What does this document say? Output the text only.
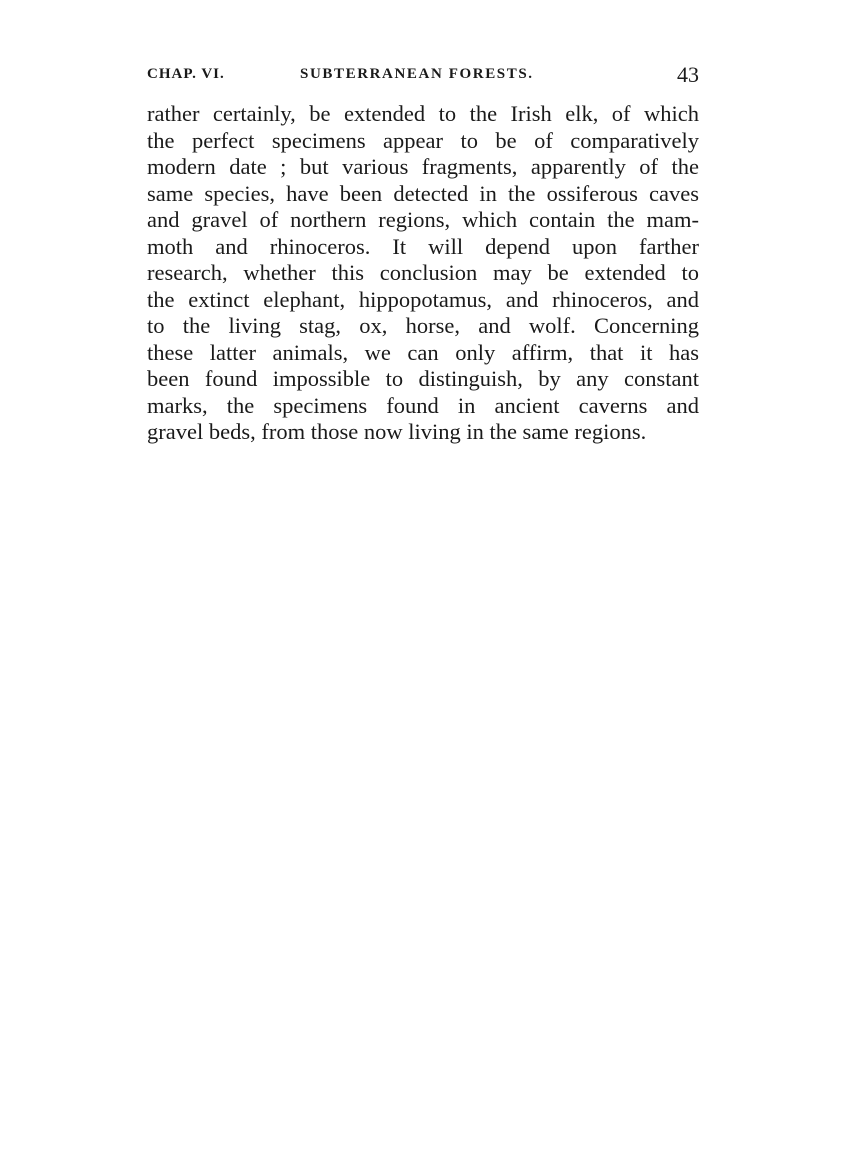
CHAP. VI.	SUBTERRANEAN FORESTS.	43
rather certainly, be extended to the Irish elk, of which
the perfect specimens appear to be of comparatively
modern date ; but various fragments, apparently of the
same species, have been detected in the ossiferous caves
and gravel of northern regions, which contain the mam-
moth and rhinoceros. It will depend upon farther
research, whether this conclusion may be extended to
the extinct elephant, hippopotamus, and rhinoceros, and
to the living stag, ox, horse, and wolf. Concerning
these latter animals, we can only affirm, that it has
been found impossible to distinguish, by any constant
marks, the specimens found in ancient caverns and
gravel beds, from those now living in the same regions.
